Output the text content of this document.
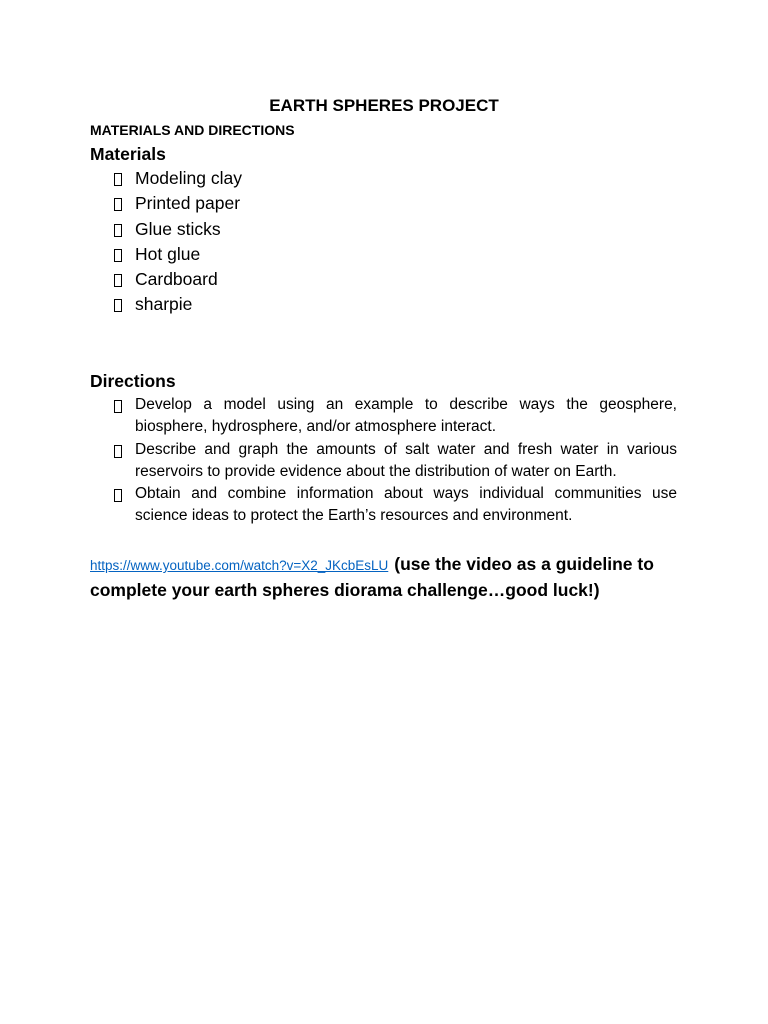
EARTH SPHERES PROJECT
MATERIALS AND DIRECTIONS
Materials
Modeling clay
Printed paper
Glue sticks
Hot glue
Cardboard
sharpie
Directions
Develop a model using an example to describe ways the geosphere, biosphere, hydrosphere, and/or atmosphere interact.
Describe and graph the amounts of salt water and fresh water in various reservoirs to provide evidence about the distribution of water on Earth.
Obtain and combine information about ways individual communities use science ideas to protect the Earth’s resources and environment.
https://www.youtube.com/watch?v=X2_JKcbEsLU (use the video as a guideline to complete your earth spheres diorama challenge…good luck!)
